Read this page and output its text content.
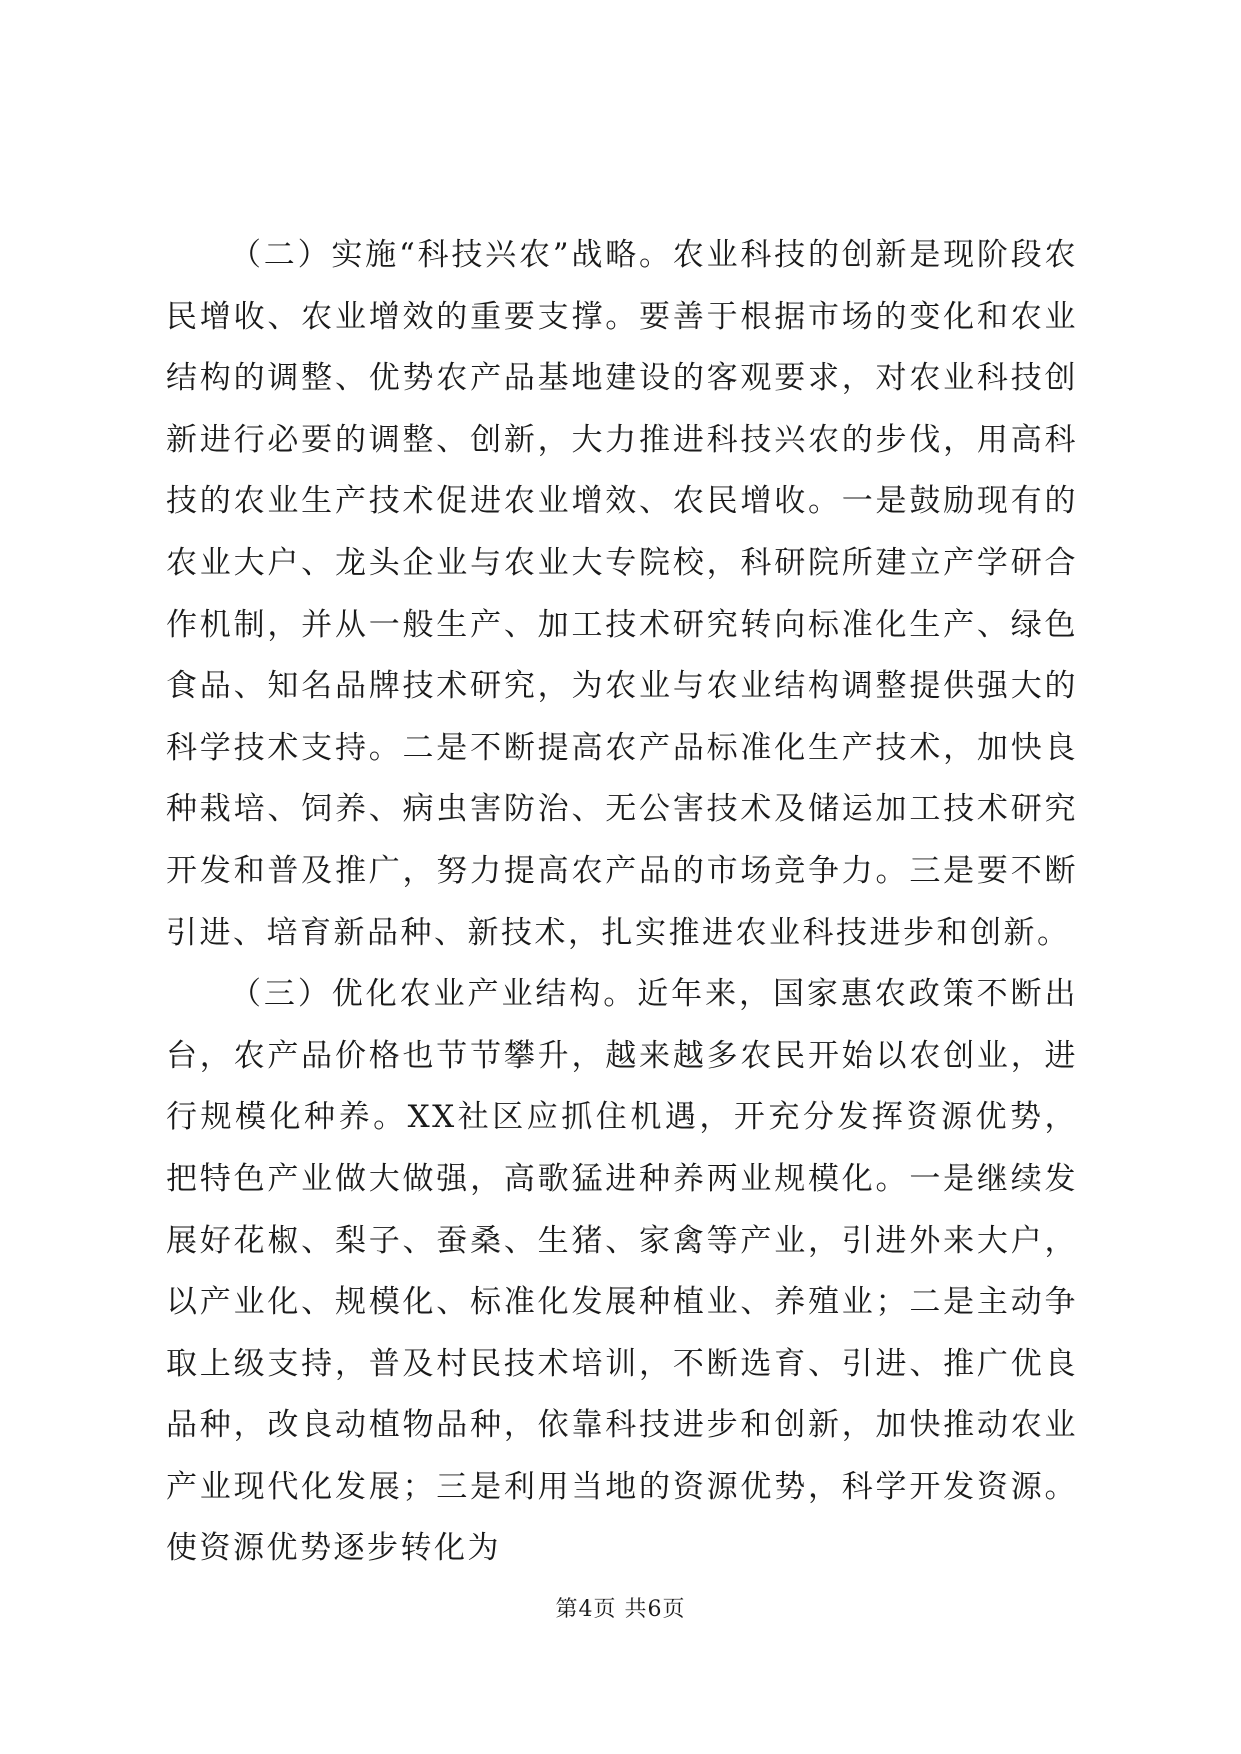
（二）实施“科技兴农”战略。农业科技的创新是现阶段农民增收、农业增效的重要支撑。要善于根据市场的变化和农业结构的调整、优势农产品基地建设的客观要求，对农业科技创新进行必要的调整、创新，大力推进科技兴农的步伐，用高科技的农业生产技术促进农业增效、农民增收。一是鼓励现有的农业大户、龙头企业与农业大专院校，科研院所建立产学研合作机制，并从一般生产、加工技术研究转向标准化生产、绿色食品、知名品牌技术研究，为农业与农业结构调整提供强大的科学技术支持。二是不断提高农产品标准化生产技术，加快良种栽培、饲养、病虫害防治、无公害技术及储运加工技术研究开发和普及推广，努力提高农产品的市场竞争力。三是要不断引进、培育新品种、新技术，扎实推进农业科技进步和创新。

（三）优化农业产业结构。近年来，国家惠农政策不断出台，农产品价格也节节攀升，越来越多农民开始以农创业，进行规模化种养。XX社区应抓住机遇，开充分发挥资源优势，把特色产业做大做强，高歌猛进种养两业规模化。一是继续发展好花椒、梨子、蚕桑、生猪、家禽等产业，引进外来大户，以产业化、规模化、标准化发展种植业、养殖业；二是主动争取上级支持，普及村民技术培训，不断选育、引进、推广优良品种，改良动植物品种，依靠科技进步和创新，加快推动农业产业现代化发展；三是利用当地的资源优势，科学开发资源。使资源优势逐步转化为

第4页 共6页
